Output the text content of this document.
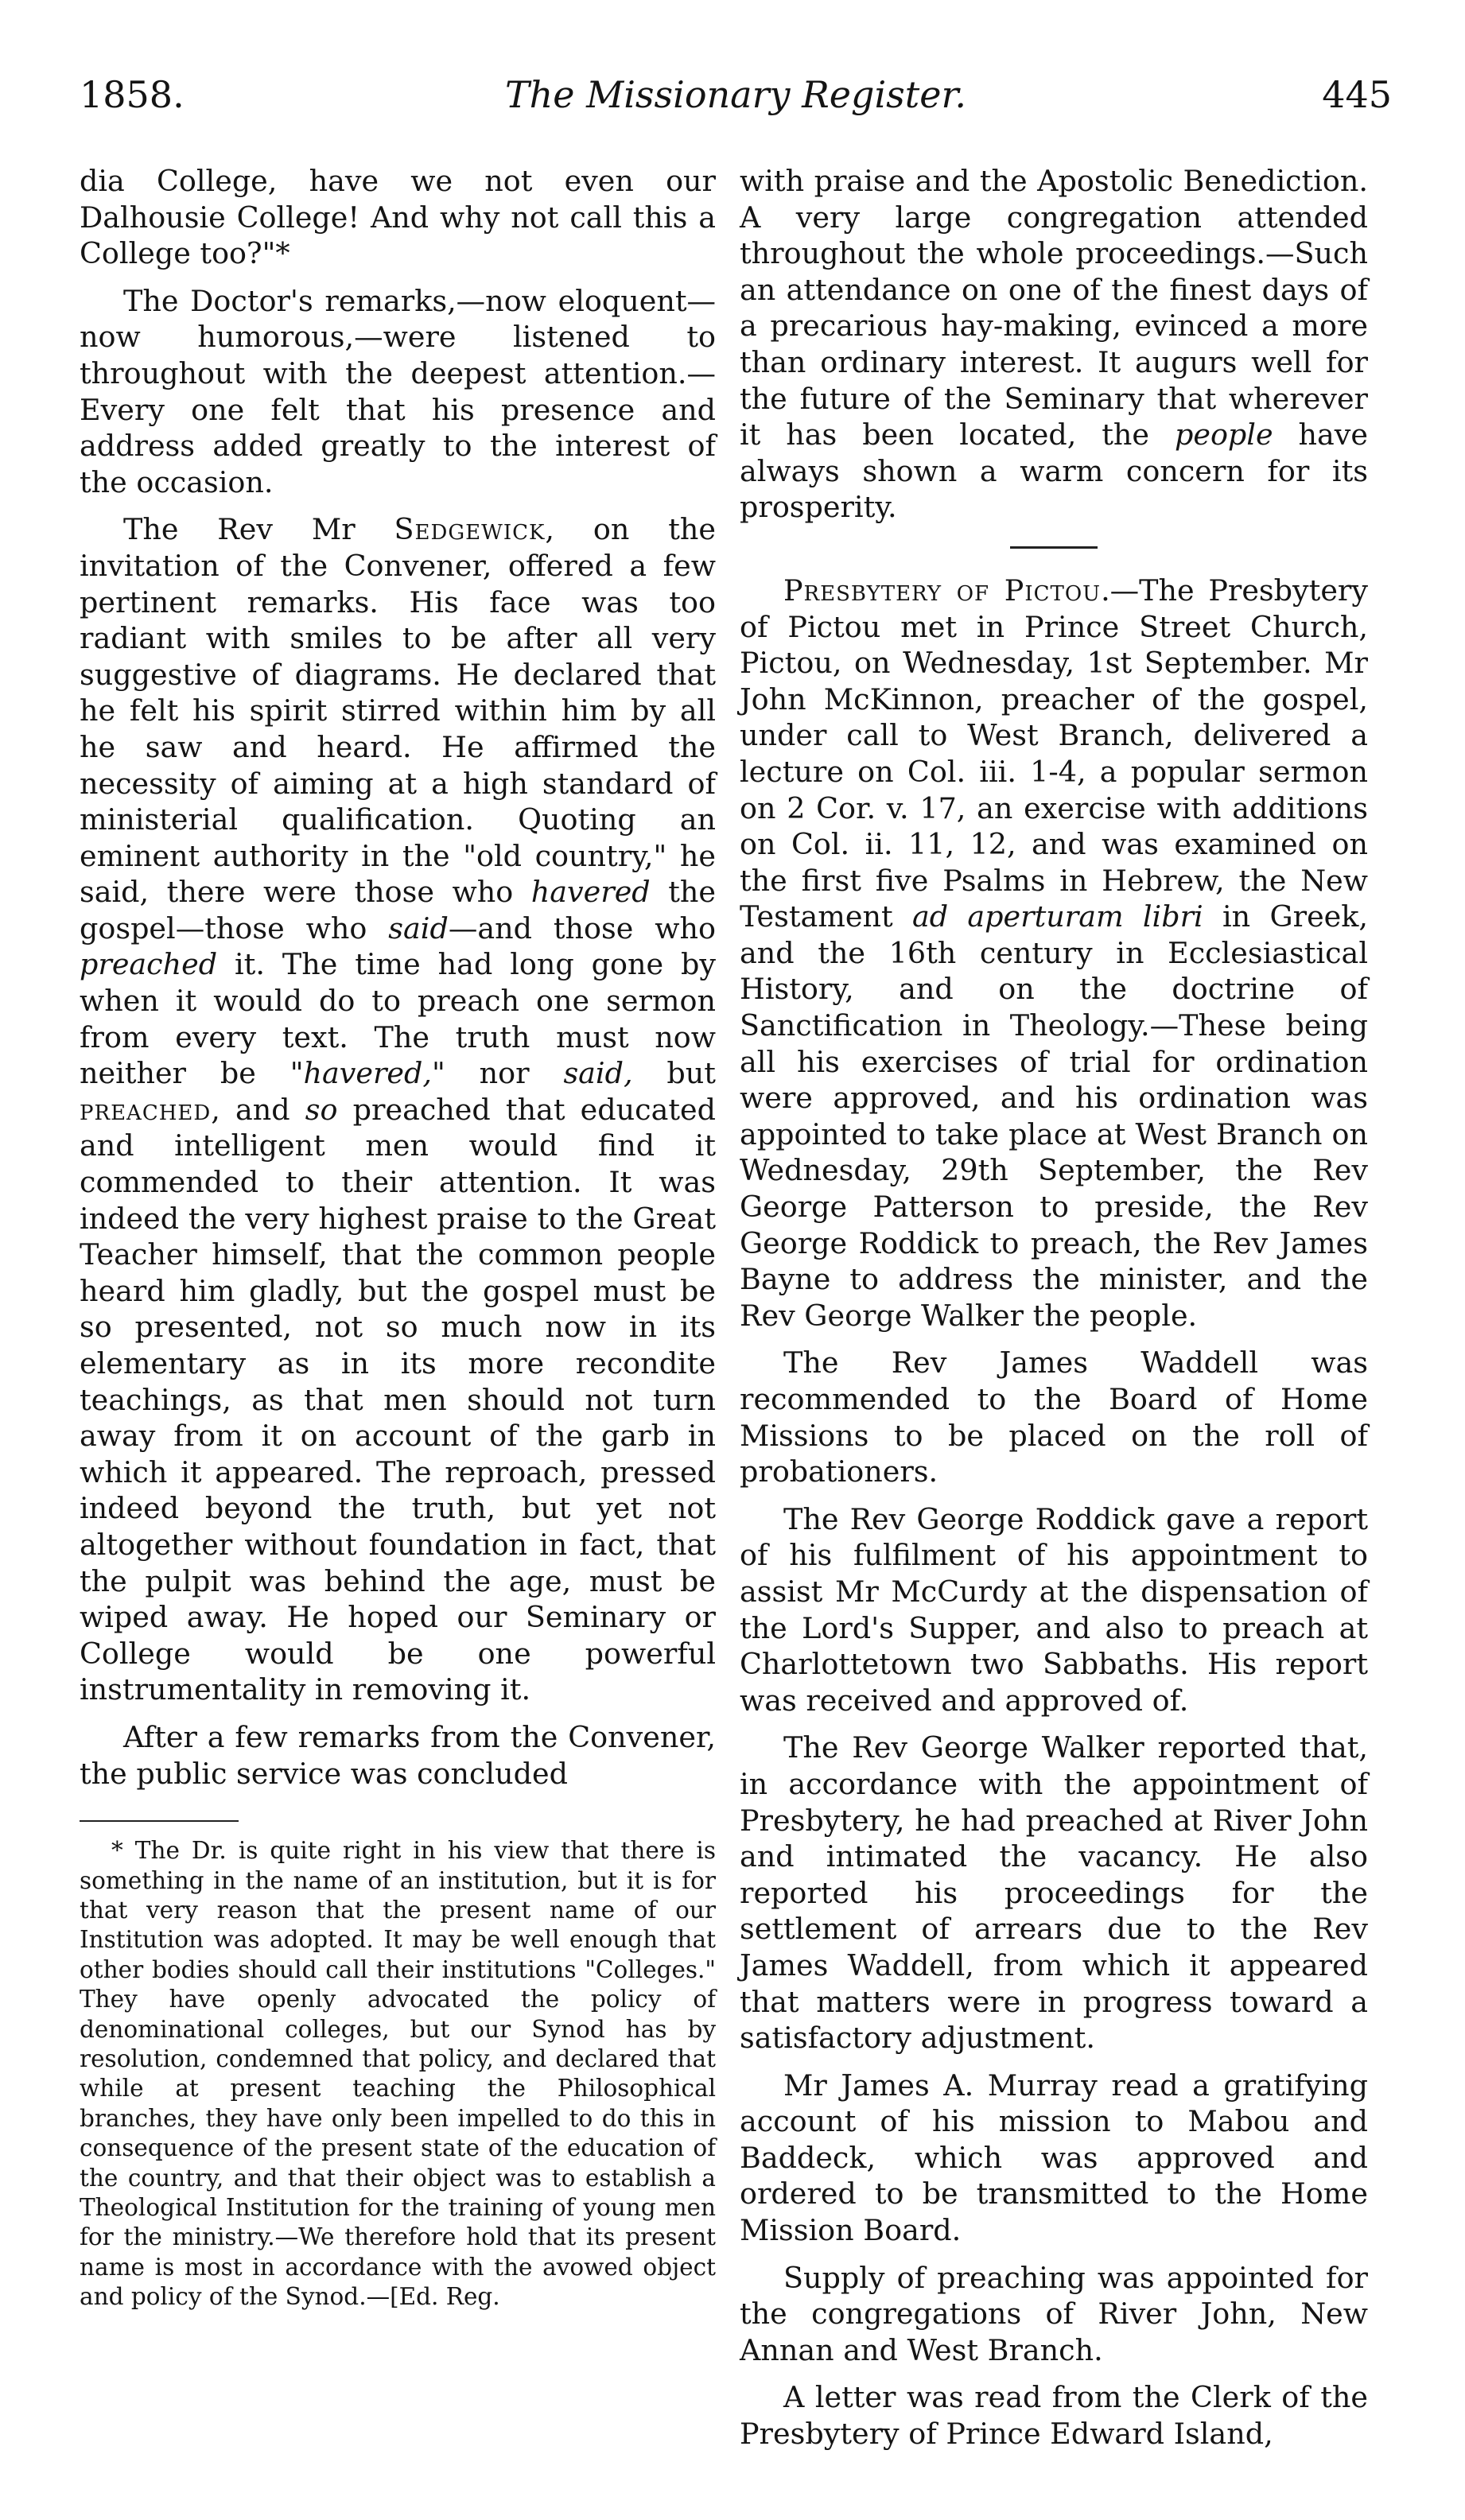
1858.	The Missionary Register.	445

dia College, have we not even our Dalhousie College! And why not call this a College too?"*

The Doctor's remarks,—now eloquent—now humorous,—were listened to throughout with the deepest attention.—Every one felt that his presence and address added greatly to the interest of the occasion.

The Rev Mr Sedgewick, on the invitation of the Convener, offered a few pertinent remarks. His face was too radiant with smiles to be after all very suggestive of diagrams. He declared that he felt his spirit stirred within him by all he saw and heard. He affirmed the necessity of aiming at a high standard of ministerial qualification. Quoting an eminent authority in the "old country," he said, there were those who havered the gospel—those who said—and those who preached it. The time had long gone by when it would do to preach one sermon from every text. The truth must now neither be "havered," nor said, but preached, and so preached that educated and intelligent men would find it commended to their attention. It was indeed the very highest praise to the Great Teacher himself, that the common people heard him gladly, but the gospel must be so presented, not so much now in its elementary as in its more recondite teachings, as that men should not turn away from it on account of the garb in which it appeared. The reproach, pressed indeed beyond the truth, but yet not altogether without foundation in fact, that the pulpit was behind the age, must be wiped away. He hoped our Seminary or College would be one powerful instrumentality in removing it.

After a few remarks from the Convener, the public service was concluded

* The Dr. is quite right in his view that there is something in the name of an institution, but it is for that very reason that the present name of our Institution was adopted. It may be well enough that other bodies should call their institutions "Colleges." They have openly advocated the policy of denominational colleges, but our Synod has by resolution, condemned that policy, and declared that while at present teaching the Philosophical branches, they have only been impelled to do this in consequence of the present state of the education of the country, and that their object was to establish a Theological Institution for the training of young men for the ministry.—We therefore hold that its present name is most in accordance with the avowed object and policy of the Synod.—[Ed. Reg.

with praise and the Apostolic Benediction. A very large congregation attended throughout the whole proceedings.—Such an attendance on one of the finest days of a precarious hay-making, evinced a more than ordinary interest. It augurs well for the future of the Seminary that wherever it has been located, the people have always shown a warm concern for its prosperity.

Presbytery of Pictou.—The Presbytery of Pictou met in Prince Street Church, Pictou, on Wednesday, 1st September. Mr John McKinnon, preacher of the gospel, under call to West Branch, delivered a lecture on Col. iii. 1-4, a popular sermon on 2 Cor. v. 17, an exercise with additions on Col. ii. 11, 12, and was examined on the first five Psalms in Hebrew, the New Testament ad aperturam libri in Greek, and the 16th century in Ecclesiastical History, and on the doctrine of Sanctification in Theology.—These being all his exercises of trial for ordination were approved, and his ordination was appointed to take place at West Branch on Wednesday, 29th September, the Rev George Patterson to preside, the Rev George Roddick to preach, the Rev James Bayne to address the minister, and the Rev George Walker the people.

The Rev James Waddell was recommended to the Board of Home Missions to be placed on the roll of probationers.

The Rev George Roddick gave a report of his fulfilment of his appointment to assist Mr McCurdy at the dispensation of the Lord's Supper, and also to preach at Charlottetown two Sabbaths. His report was received and approved of.

The Rev George Walker reported that, in accordance with the appointment of Presbytery, he had preached at River John and intimated the vacancy. He also reported his proceedings for the settlement of arrears due to the Rev James Waddell, from which it appeared that matters were in progress toward a satisfactory adjustment.

Mr James A. Murray read a gratifying account of his mission to Mabou and Baddeck, which was approved and ordered to be transmitted to the Home Mission Board.

Supply of preaching was appointed for the congregations of River John, New Annan and West Branch.

A letter was read from the Clerk of the Presbytery of Prince Edward Island,
